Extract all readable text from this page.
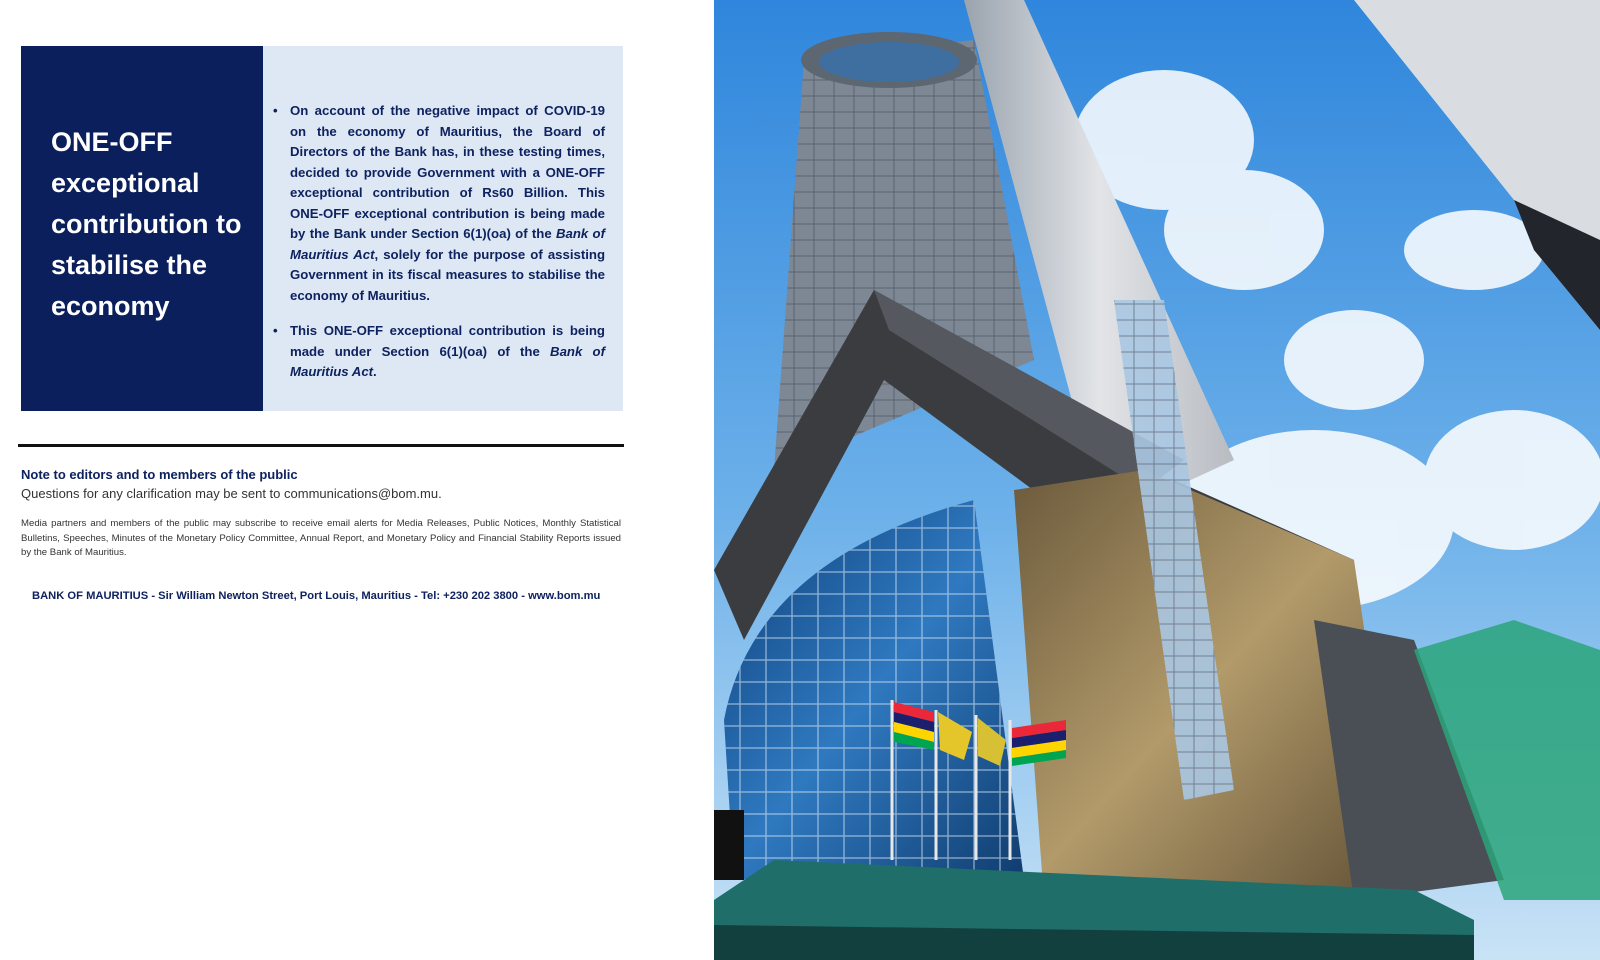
ONE-OFF exceptional contribution to stabilise the economy
• On account of the negative impact of COVID-19 on the economy of Mauritius, the Board of Directors of the Bank has, in these testing times, decided to provide Government with a ONE-OFF exceptional contribution of Rs60 Billion. This ONE-OFF exceptional contribution is being made by the Bank under Section 6(1)(oa) of the Bank of Mauritius Act, solely for the purpose of assisting Government in its fiscal measures to stabilise the economy of Mauritius.
• This ONE-OFF exceptional contribution is being made under Section 6(1)(oa) of the Bank of Mauritius Act.

Note to editors and to members of the public

Questions for any clarification may be sent to communications@bom.mu.

Media partners and members of the public may subscribe to receive email alerts for Media Releases, Public Notices, Monthly Statistical Bulletins, Speeches, Minutes of the Monetary Policy Committee, Annual Report, and Monetary Policy and Financial Stability Reports issued by the Bank of Mauritius.

BANK OF MAURITIUS - Sir William Newton Street, Port Louis, Mauritius - Tel: +230 202 3800 - www.bom.mu
